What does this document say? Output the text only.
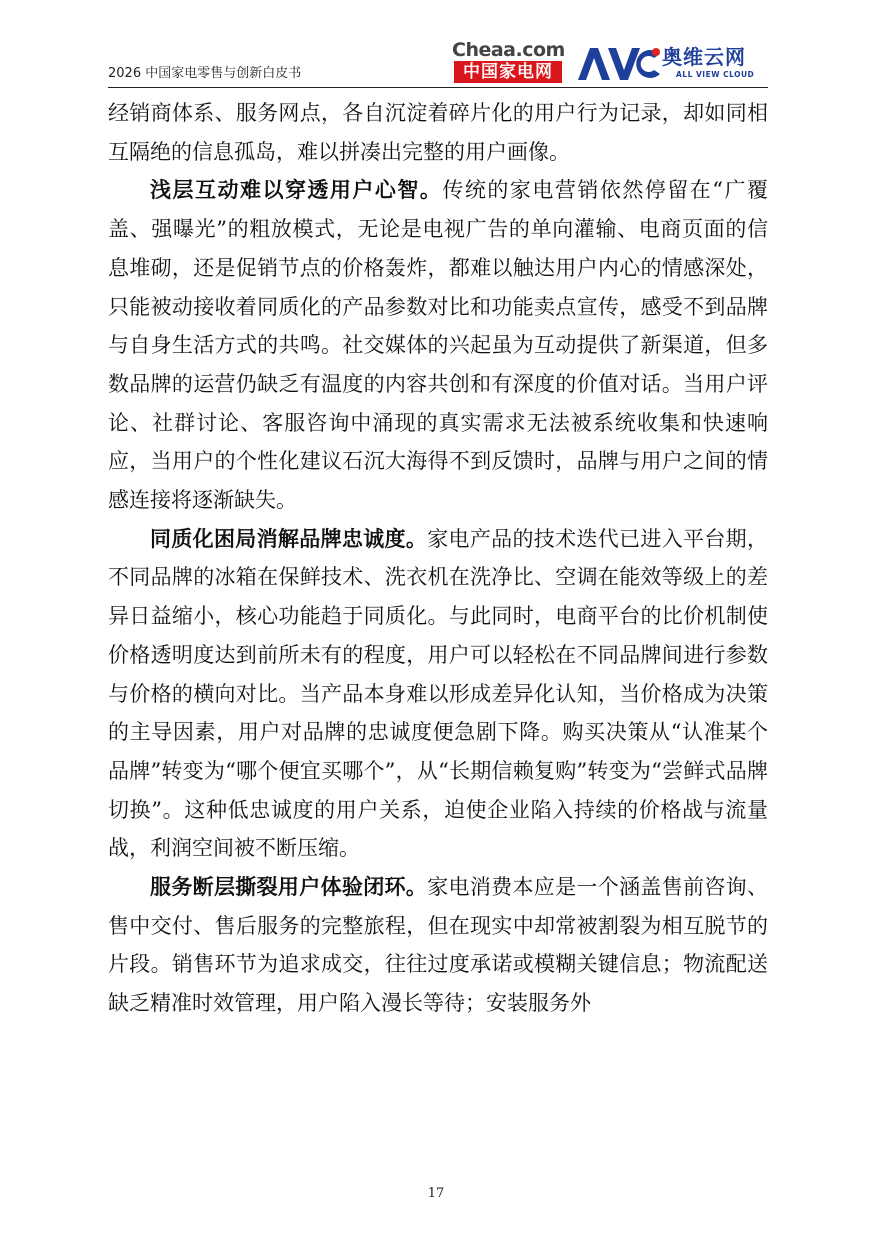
2026 中国家电零售与创新白皮书
Cheaa.com
中国家电网
奥维云网
ALL VIEW CLOUD

经销商体系、服务网点，各自沉淀着碎片化的用户行为记录，却如同相互隔绝的信息孤岛，难以拼凑出完整的用户画像。

浅层互动难以穿透用户心智。传统的家电营销依然停留在“广覆盖、强曝光”的粗放模式，无论是电视广告的单向灌输、电商页面的信息堆砌，还是促销节点的价格轰炸，都难以触达用户内心的情感深处，只能被动接收着同质化的产品参数对比和功能卖点宣传，感受不到品牌与自身生活方式的共鸣。社交媒体的兴起虽为互动提供了新渠道，但多数品牌的运营仍缺乏有温度的内容共创和有深度的价值对话。当用户评论、社群讨论、客服咨询中涌现的真实需求无法被系统收集和快速响应，当用户的个性化建议石沉大海得不到反馈时，品牌与用户之间的情感连接将逐渐缺失。

同质化困局消解品牌忠诚度。家电产品的技术迭代已进入平台期，不同品牌的冰箱在保鲜技术、洗衣机在洗净比、空调在能效等级上的差异日益缩小，核心功能趋于同质化。与此同时，电商平台的比价机制使价格透明度达到前所未有的程度，用户可以轻松在不同品牌间进行参数与价格的横向对比。当产品本身难以形成差异化认知，当价格成为决策的主导因素，用户对品牌的忠诚度便急剧下降。购买决策从“认准某个品牌”转变为“哪个便宜买哪个”，从“长期信赖复购”转变为“尝鲜式品牌切换”。这种低忠诚度的用户关系，迫使企业陷入持续的价格战与流量战，利润空间被不断压缩。

服务断层撕裂用户体验闭环。家电消费本应是一个涵盖售前咨询、售中交付、售后服务的完整旅程，但在现实中却常被割裂为相互脱节的片段。销售环节为追求成交，往往过度承诺或模糊关键信息；物流配送缺乏精准时效管理，用户陷入漫长等待；安装服务外

17
